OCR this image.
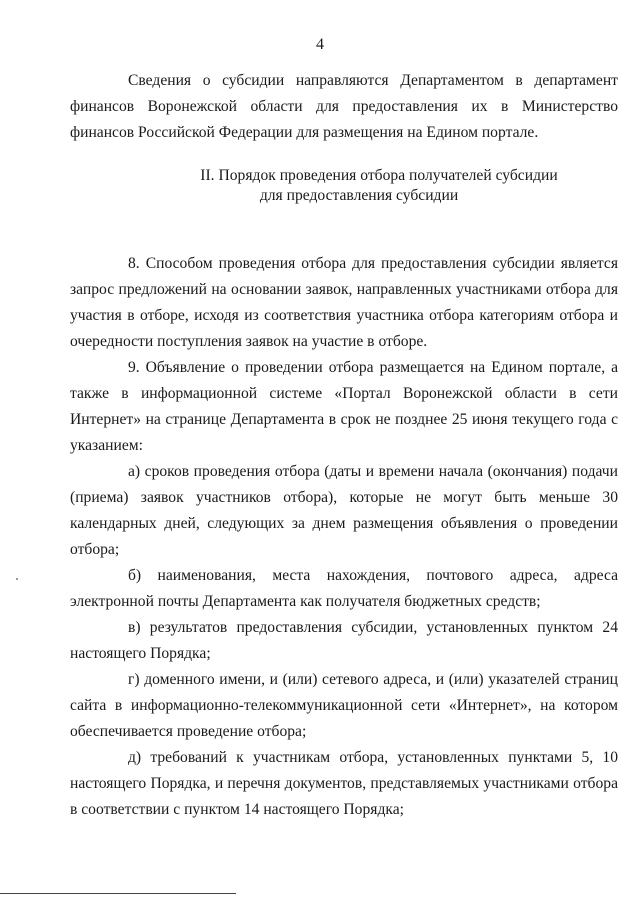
4

Сведения о субсидии направляются Департаментом в департамент финансов Воронежской области для предоставления их в Министерство финансов Российской Федерации для размещения на Едином портале.

II. Порядок проведения отбора получателей субсидии
для предоставления субсидии

8. Способом проведения отбора для предоставления субсидии является запрос предложений на основании заявок, направленных участниками отбора для участия в отборе, исходя из соответствия участника отбора категориям отбора и очередности поступления заявок на участие в отборе.

9. Объявление о проведении отбора размещается на Едином портале, а также в информационной системе «Портал Воронежской области в сети Интернет» на странице Департамента в срок не позднее 25 июня текущего года с указанием:

а) сроков проведения отбора (даты и времени начала (окончания) подачи (приема) заявок участников отбора), которые не могут быть меньше 30 календарных дней, следующих за днем размещения объявления о проведении отбора;

б) наименования, места нахождения, почтового адреса, адреса электронной почты Департамента как получателя бюджетных средств;

в) результатов предоставления субсидии, установленных пунктом 24 настоящего Порядка;

г) доменного имени, и (или) сетевого адреса, и (или) указателей страниц сайта в информационно-телекоммуникационной сети «Интернет», на котором обеспечивается проведение отбора;

д) требований к участникам отбора, установленных пунктами 5, 10 настоящего Порядка, и перечня документов, представляемых участниками отбора в соответствии с пунктом 14 настоящего Порядка;
